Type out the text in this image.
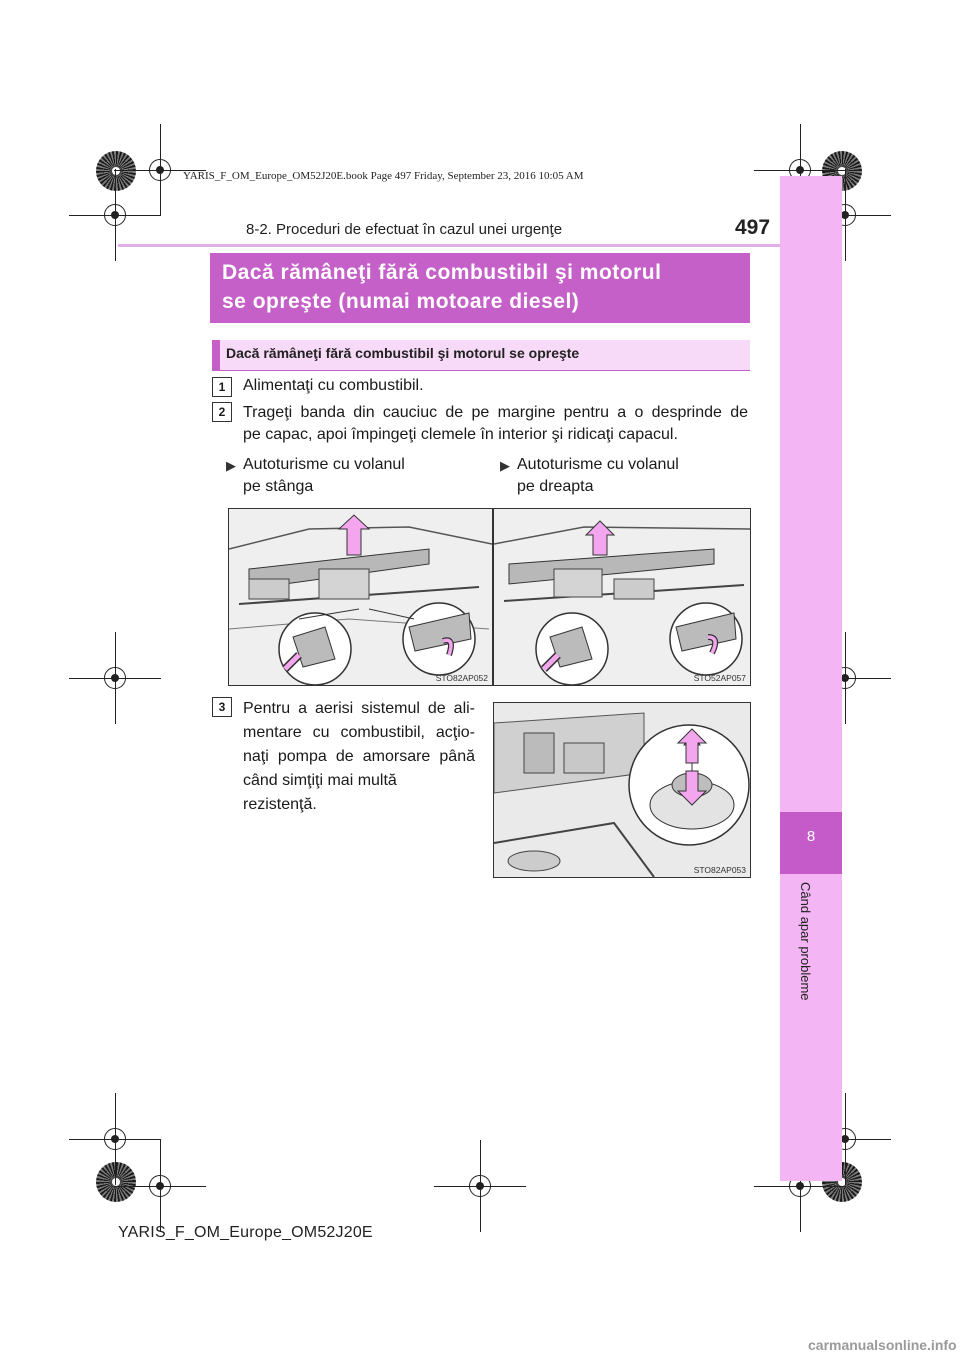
YARIS_F_OM_Europe_OM52J20E.book Page 497 Friday, September 23, 2016 10:05 AM
8
Când apar probleme
8-2. Proceduri de efectuat în cazul unei urgenţe	497
Dacă rămâneţi fără combustibil şi motorul
se opreşte (numai motoare diesel)
Dacă rămâneţi fără combustibil şi motorul se opreşte
1	Alimentaţi cu combustibil.
2	Trageţi banda din cauciuc de pe margine pentru a o desprinde de
pe capac, apoi împingeţi clemele în interior şi ridicaţi capacul.
▶ Autoturisme cu volanul
pe stânga
▶ Autoturisme cu volanul
pe dreapta
STO82AP052	STO52AP057
3	Pentru a aerisi sistemul de ali-
mentare cu combustibil, acţio-
naţi pompa de amorsare până
când simţiţi mai multă rezistenţă.
STO82AP053
YARIS_F_OM_Europe_OM52J20E
carmanualsonline.info
